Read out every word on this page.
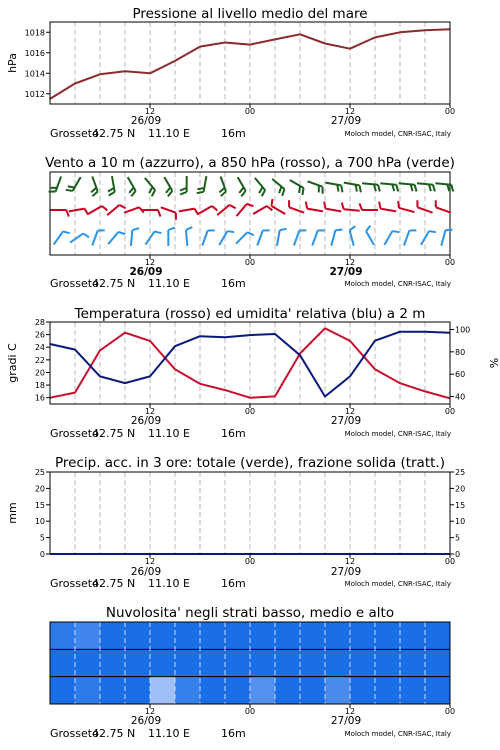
Pressione al livello medio del mare
1012
1014
1016
1018
hPa
12
26/09
00	12
27/09
00
Grosseto
42.75 N 11.10 E	16m	Moloch model, CNR-ISAC, Italy
Vento a 10 m (azzurro), a 850 hPa (rosso), a 700 hPa (verde)
12
26/09
00	12
27/09
00
Grosseto
42.75 N 11.10 E	16m	Moloch model, CNR-ISAC, Italy
Temperatura (rosso) ed umidita' relativa (blu) a 2 m
16
18
20
22
24
26
28
40
60
80
100
gradi C	%
12
26/09
00	12
27/09
00
Grosseto
42.75 N 11.10 E	16m	Moloch model, CNR-ISAC, Italy
Precip. acc. in 3 ore: totale (verde), frazione solida (tratt.)
0
5
10
15
20
25
0
5
10
15
20
25
mm
12
26/09
00	12
27/09
00
Grosseto
42.75 N 11.10 E	16m	Moloch model, CNR-ISAC, Italy
Nuvolosita' negli strati basso, medio e alto
12
26/09
00	12
27/09
00
Grosseto
42.75 N 11.10 E	16m	Moloch model, CNR-ISAC, Italy
